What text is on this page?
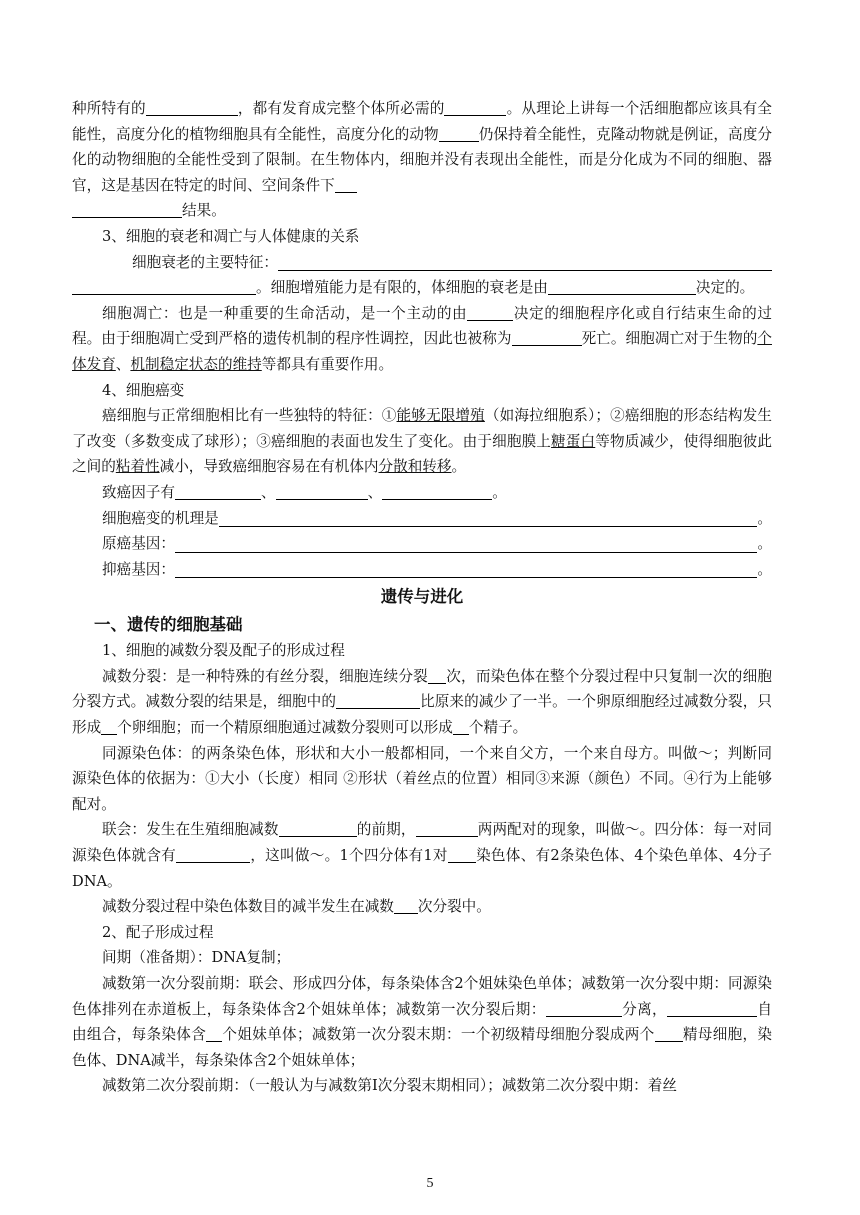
种所特有的	，都有发育成完整个体所必需的	。从理论上讲每一个活细胞都应该具有全能性，高度分化的植物细胞具有全能性，高度分化的动物	仍保持着全能性，克隆动物就是例证，高度分化的动物细胞的全能性受到了限制。在生物体内，细胞并没有表现出全能性，而是分化成为不同的细胞、器官，这是基因在特定的时间、空间条件下
结果。

3、细胞的衰老和凋亡与人体健康的关系

细胞衰老的主要特征：

。细胞增殖能力是有限的，体细胞的衰老是由	决定的。

细胞凋亡：也是一种重要的生命活动，是一个主动的由	决定的细胞程序化或自行结束生命的过程。由于细胞凋亡受到严格的遗传机制的程序性调控，因此也被称为	死亡。细胞凋亡对于生物的个体发育、机制稳定状态的维持等都具有重要作用。

4、细胞癌变

癌细胞与正常细胞相比有一些独特的特征：①能够无限增殖（如海拉细胞系）；②癌细胞的形态结构发生了改变（多数变成了球形）；③癌细胞的表面也发生了变化。由于细胞膜上糖蛋白等物质减少，使得细胞彼此之间的粘着性减小，导致癌细胞容易在有机体内分散和转移。

致癌因子有	、	、	。

细胞癌变的机理是	。

原癌基因：	。

抑癌基因：	。

遗传与进化
一、遗传的细胞基础

1、细胞的减数分裂及配子的形成过程

减数分裂：是一种特殊的有丝分裂，细胞连续分裂 次，而染色体在整个分裂过程中只复制一次的细胞分裂方式。减数分裂的结果是，细胞中的	比原来的减少了一半。一个卵原细胞经过减数分裂，只形成 个卵细胞；而一个精原细胞通过减数分裂则可以形成 个精子。

同源染色体：的两条染色体，形状和大小一般都相同，一个来自父方，一个来自母方。叫做～；判断同源染色体的依据为：①大小（长度）相同 ②形状（着丝点的位置）相同③来源（颜色）不同。④行为上能够配对。

联会：发生在生殖细胞减数	的前期，	两两配对的现象，叫做～。四分体：每一对同源染色体就含有	，这叫做～。1个四分体有1对 染色体、有2条染色体、4个染色单体、4分子DNA。

减数分裂过程中染色体数目的减半发生在减数 次分裂中。

2、配子形成过程

间期（准备期）：DNA复制；

减数第一次分裂前期：联会、形成四分体，每条染体含2个姐妹染色单体；减数第一次分裂中期：同源染色体排列在赤道板上，每条染体含2个姐妹单体；减数第一次分裂后期：	分离，	自由组合，每条染体含 个姐妹单体；减数第一次分裂末期：一个初级精母细胞分裂成两个 精母细胞，染色体、DNA减半，每条染体含2个姐妹单体；

减数第二次分裂前期：（一般认为与减数第Ⅰ次分裂末期相同）；减数第二次分裂中期：着丝

5
